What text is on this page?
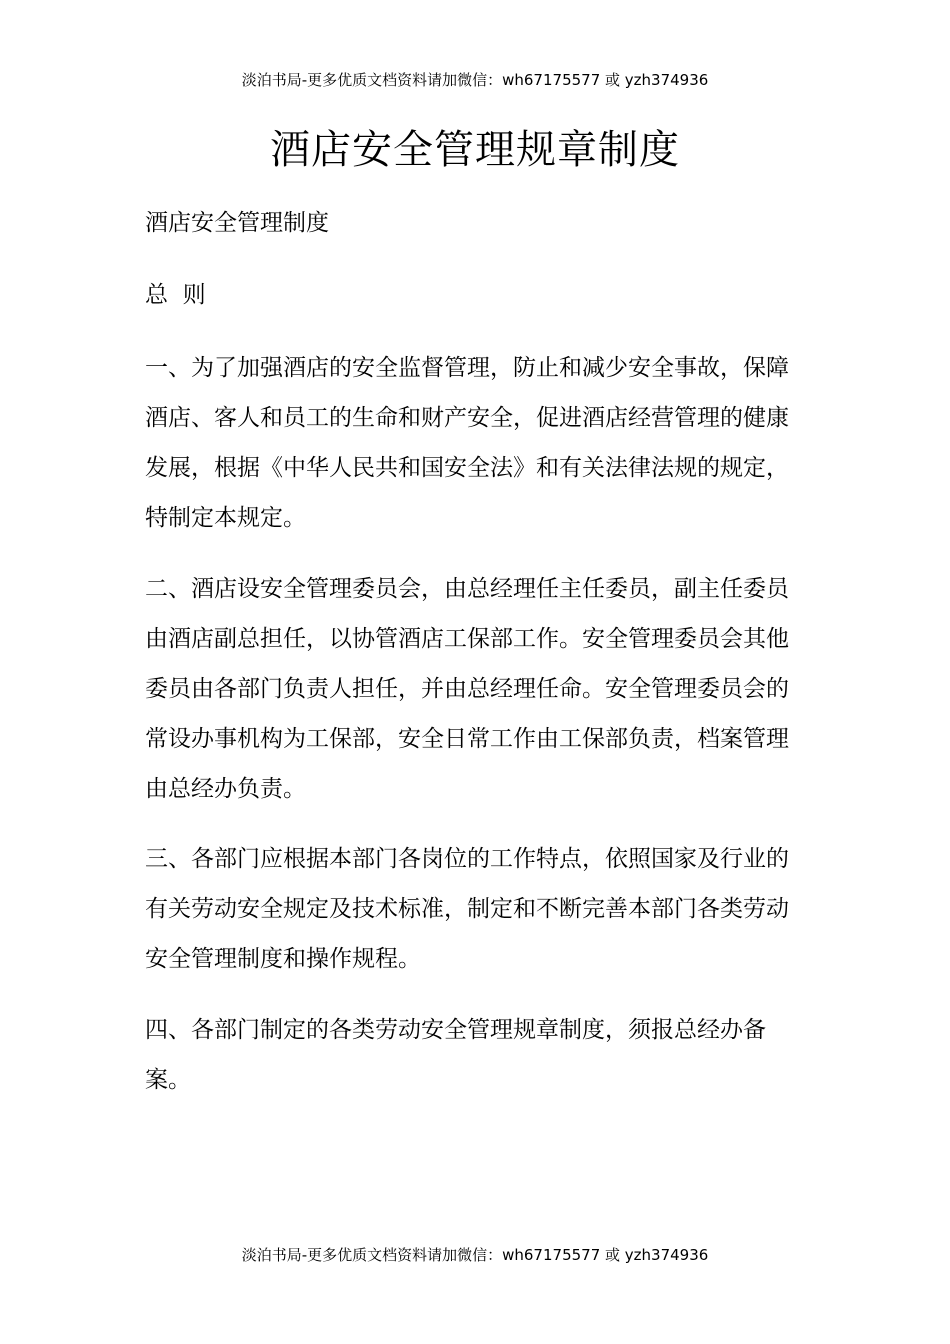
淡泊书局-更多优质文档资料请加微信：wh67175577 或 yzh374936
酒店安全管理规章制度

酒店安全管理制度

总  则

一、为了加强酒店的安全监督管理，防止和减少安全事故，保障酒店、客人和员工的生命和财产安全，促进酒店经营管理的健康发展，根据《中华人民共和国安全法》和有关法律法规的规定，特制定本规定。

二、酒店设安全管理委员会，由总经理任主任委员，副主任委员由酒店副总担任，以协管酒店工保部工作。安全管理委员会其他委员由各部门负责人担任，并由总经理任命。安全管理委员会的常设办事机构为工保部，安全日常工作由工保部负责，档案管理由总经办负责。

三、各部门应根据本部门各岗位的工作特点，依照国家及行业的有关劳动安全规定及技术标准，制定和不断完善本部门各类劳动安全管理制度和操作规程。

四、各部门制定的各类劳动安全管理规章制度，须报总经办备案。

淡泊书局-更多优质文档资料请加微信：wh67175577 或 yzh374936
